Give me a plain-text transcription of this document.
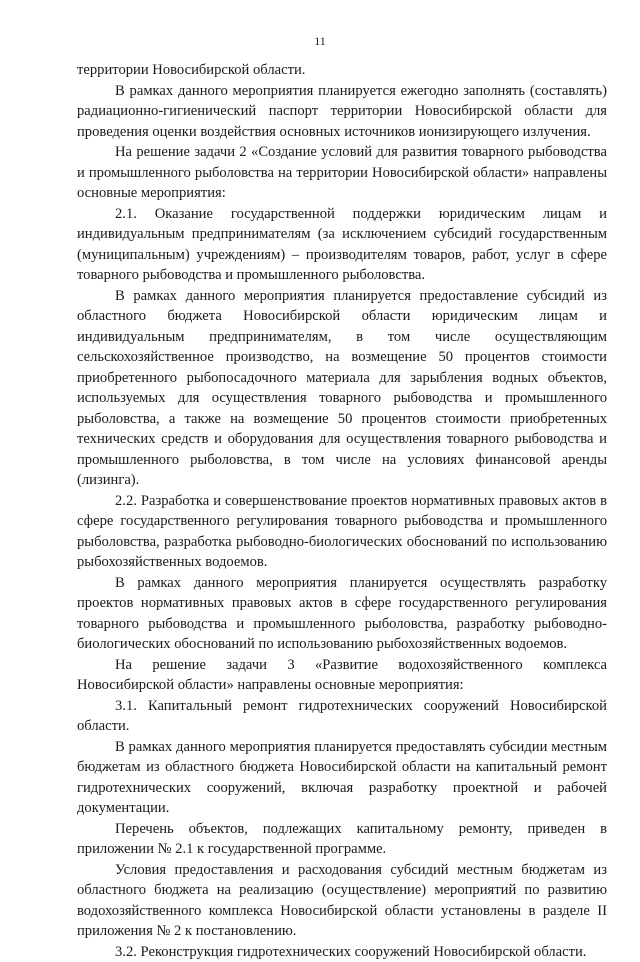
11

территории Новосибирской области.

В рамках данного мероприятия планируется ежегодно заполнять (составлять) радиационно-гигиенический паспорт территории Новосибирской области для проведения оценки воздействия основных источников ионизирующего излучения.

На решение задачи 2 «Создание условий для развития товарного рыбоводства и промышленного рыболовства на территории Новосибирской области» направлены основные мероприятия:

2.1. Оказание государственной поддержки юридическим лицам и индивидуальным предпринимателям (за исключением субсидий государственным (муниципальным) учреждениям) – производителям товаров, работ, услуг в сфере товарного рыбоводства и промышленного рыболовства.

В рамках данного мероприятия планируется предоставление субсидий из областного бюджета Новосибирской области юридическим лицам и индивидуальным предпринимателям, в том числе осуществляющим сельскохозяйственное производство, на возмещение 50 процентов стоимости приобретенного рыбопосадочного материала для зарыбления водных объектов, используемых для осуществления товарного рыбоводства и промышленного рыболовства, а также на возмещение 50 процентов стоимости приобретенных технических средств и оборудования для осуществления товарного рыбоводства и промышленного рыболовства, в том числе на условиях финансовой аренды (лизинга).

2.2. Разработка и совершенствование проектов нормативных правовых актов в сфере государственного регулирования товарного рыбоводства и промышленного рыболовства, разработка рыбоводно-биологических обоснований по использованию рыбохозяйственных водоемов.

В рамках данного мероприятия планируется осуществлять разработку проектов нормативных правовых актов в сфере государственного регулирования товарного рыбоводства и промышленного рыболовства, разработку рыбоводно-биологических обоснований по использованию рыбохозяйственных водоемов.

На решение задачи 3 «Развитие водохозяйственного комплекса Новосибирской области» направлены основные мероприятия:

3.1. Капитальный ремонт гидротехнических сооружений Новосибирской области.

В рамках данного мероприятия планируется предоставлять субсидии местным бюджетам из областного бюджета Новосибирской области на капитальный ремонт гидротехнических сооружений, включая разработку проектной и рабочей документации.

Перечень объектов, подлежащих капитальному ремонту, приведен в приложении № 2.1 к государственной программе.

Условия предоставления и расходования субсидий местным бюджетам из областного бюджета на реализацию (осуществление) мероприятий по развитию водохозяйственного комплекса Новосибирской области установлены в разделе II приложения № 2 к постановлению.

3.2. Реконструкция гидротехнических сооружений Новосибирской области.
